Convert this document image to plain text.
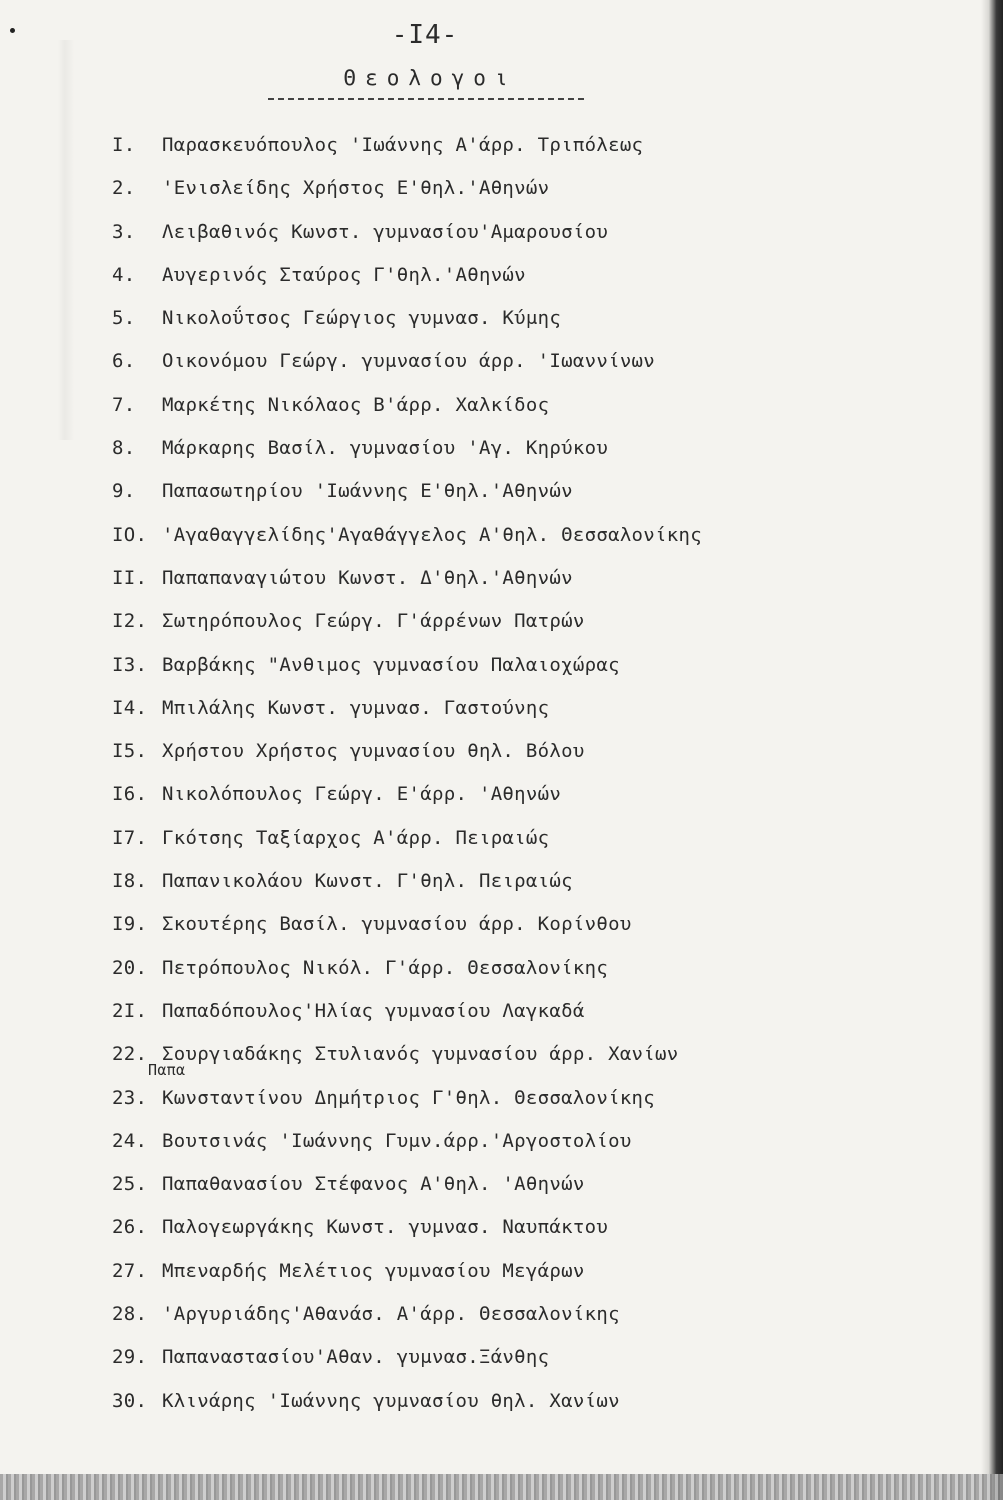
-I4-
Θεολογοι
I. Παρασκευόπουλος 'Ιωάννης Α'άρρ. Τριπόλεως
2. 'Ενισλείδης Χρήστος Ε'θηλ.'Αθηνών
3. Λειβαθινός Κωνστ. γυμνασίου'Αμαρουσίου
4. Αυγερινός Σταύρος Γ'θηλ.'Αθηνών
5. Νικολοΰτσος Γεώργιος γυμνασ. Κύμης
6. Οικονόμου Γεώργ. γυμνασίου άρρ. 'Ιωαννίνων
7. Μαρκέτης Νικόλαος Β'άρρ. Χαλκίδος
8. Μάρκαρης Βασίλ. γυμνασίου 'Αγ. Κηρύκου
9. Παπασωτηρίου 'Ιωάννης Ε'θηλ.'Αθηνών
IO. 'Αγαθαγγελίδης'Αγαθάγγελος Α'θηλ. Θεσσαλονίκης
II. Παπαπαναγιώτου Κωνστ. Δ'θηλ.'Αθηνών
I2. Σωτηρόπουλος Γεώργ. Γ'άρρένων Πατρών
I3. Βαρβάκης "Ανθιμος γυμνασίου Παλαιοχώρας
I4. Μπιλάλης Κωνστ. γυμνασ. Γαστούνης
I5. Χρήστου Χρήστος γυμνασίου θηλ. Βόλου
I6. Νικολόπουλος Γεώργ. Ε'άρρ. 'Αθηνών
I7. Γκότσης Ταξίαρχος Α'άρρ. Πειραιώς
I8. Παπανικολάου Κωνστ. Γ'θηλ. Πειραιώς
I9. Σκουτέρης Βασίλ. γυμνασίου άρρ. Κορίνθου
20. Πετρόπουλος Νικόλ. Γ'άρρ. Θεσσαλονίκης
2I. Παπαδόπουλος'Ηλίας γυμνασίου Λαγκαδά
22. Σουργιαδάκης Στυλιανός γυμνασίου άρρ. Χανίων
Παπα
23. Κωνσταντίνου Δημήτριος Γ'θηλ. Θεσσαλονίκης
24. Βουτσινάς 'Ιωάννης Γυμν.άρρ.'Αργοστολίου
25. Παπαθανασίου Στέφανος Α'θηλ. 'Αθηνών
26. Παλογεωργάκης Κωνστ. γυμνασ. Ναυπάκτου
27. Μπεναρδής Μελέτιος γυμνασίου Μεγάρων
28. 'Αργυριάδης'Αθανάσ. Α'άρρ. Θεσσαλονίκης
29. Παπαναστασίου'Αθαν. γυμνασ.Ξάνθης
30. Κλινάρης 'Ιωάννης γυμνασίου θηλ. Χανίων
